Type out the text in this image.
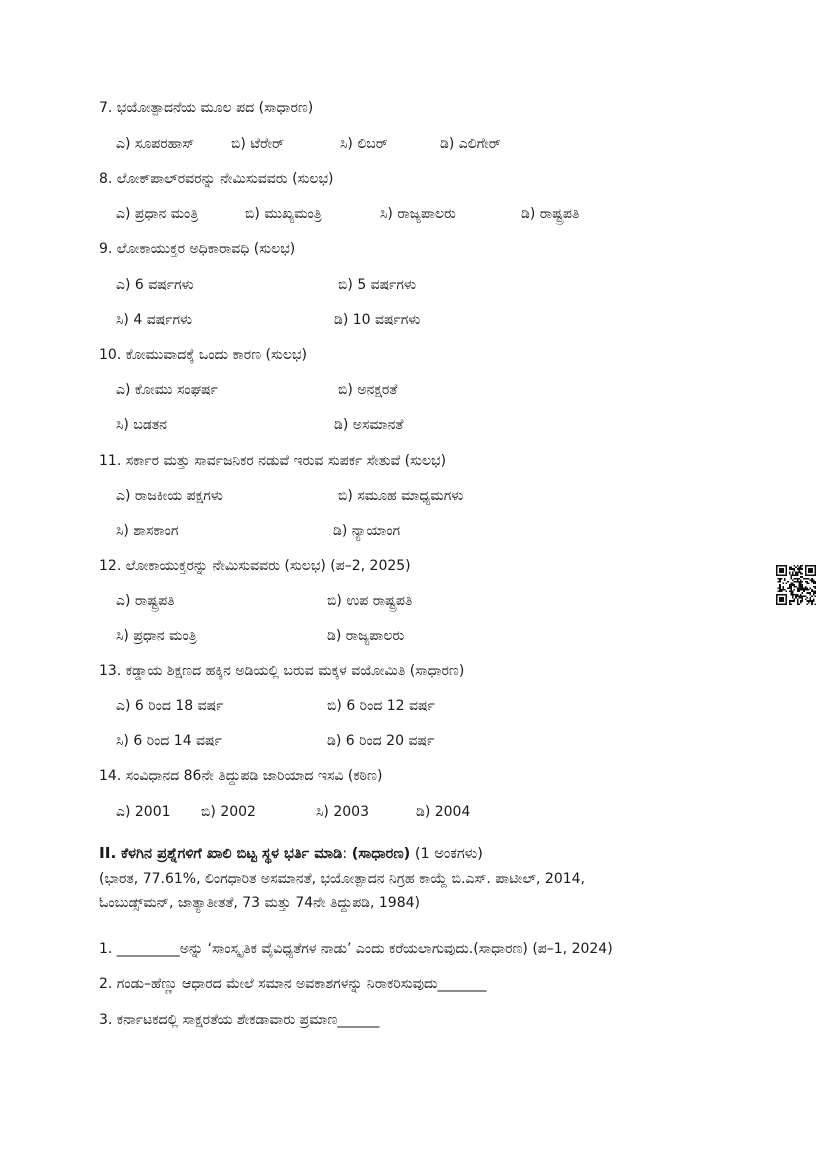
7. ಭಯೋತ್ಪಾದನೆಯ ಮೂಲ ಪದ (ಸಾಧಾರಣ)
ಎ) ಸೂಪರಹಾಸ್	ಬಿ) ಟೆರೇರ್	ಸಿ) ಲಿಬರ್	ಡಿ) ಎಲಿಗೇರ್
8. ಲೋಕ್‌ಪಾಲ್‌ರವರನ್ನು ನೇಮಿಸುವವರು (ಸುಲಭ)
ಎ) ಪ್ರಧಾನ ಮಂತ್ರಿ	ಬಿ) ಮುಖ್ಯಮಂತ್ರಿ	ಸಿ) ರಾಜ್ಯಪಾಲರು	ಡಿ) ರಾಷ್ಟ್ರಪತಿ
9. ಲೋಕಾಯುಕ್ತರ ಅಧಿಕಾರಾವಧಿ (ಸುಲಭ)
ಎ) 6 ವರ್ಷಗಳು	ಬಿ) 5 ವರ್ಷಗಳು
ಸಿ) 4 ವರ್ಷಗಳು	ಡಿ) 10 ವರ್ಷಗಳು
10. ಕೋಮುವಾದಕ್ಕೆ ಒಂದು ಕಾರಣ (ಸುಲಭ)
ಎ) ಕೋಮು ಸಂಘರ್ಷ	ಬಿ) ಅನಕ್ಷರತೆ
ಸಿ) ಬಡತನ	ಡಿ) ಅಸಮಾನತೆ
11. ಸರ್ಕಾರ ಮತ್ತು ಸಾರ್ವಜನಿಕರ ನಡುವೆ ಇರುವ ಸುಪರ್ಕ ಸೇತುವೆ (ಸುಲಭ)
ಎ) ರಾಜಕೀಯ ಪಕ್ಷಗಳು	ಬಿ) ಸಮೂಹ ಮಾಧ್ಯಮಗಳು
ಸಿ) ಶಾಸಕಾಂಗ	ಡಿ) ನ್ಯಾಯಾಂಗ
12. ಲೋಕಾಯುಕ್ತರನ್ನು ನೇಮಿಸುವವರು (ಸುಲಭ) (ಪ–2, 2025)
ಎ) ರಾಷ್ಟ್ರಪತಿ	ಬಿ) ಉಪ ರಾಷ್ಟ್ರಪತಿ
ಸಿ) ಪ್ರಧಾನ ಮಂತ್ರಿ	ಡಿ) ರಾಜ್ಯಪಾಲರು
13. ಕಡ್ಡಾಯ ಶಿಕ್ಷಣದ ಹಕ್ಕಿನ ಅಡಿಯಲ್ಲಿ ಬರುವ ಮಕ್ಕಳ ವಯೋಮಿತಿ (ಸಾಧಾರಣ)
ಎ) 6 ರಿಂದ 18 ವರ್ಷ	ಬಿ) 6 ರಿಂದ 12 ವರ್ಷ
ಸಿ) 6 ರಿಂದ 14 ವರ್ಷ	ಡಿ) 6 ರಿಂದ 20 ವರ್ಷ
14. ಸಂವಿಧಾನದ 86ನೇ ತಿದ್ದುಪಡಿ ಜಾರಿಯಾದ ಇಸವಿ (ಕಠಿಣ)
ಎ) 2001 ಬಿ) 2002	ಸಿ) 2003	ಡಿ) 2004
II. ಕೆಳಗಿನ ಪ್ರಶ್ನೆಗಳಿಗೆ ಖಾಲಿ ಬಿಟ್ಟ ಸ್ಥಳ ಭರ್ತಿ ಮಾಡಿ: (ಸಾಧಾರಣ) (1 ಅಂಕಗಳು)
(ಭಾರತ, 77.61%, ಲಿಂಗಧಾರಿತ ಅಸಮಾನತೆ, ಭಯೋತ್ಪಾದನ ನಿಗ್ರಹ ಕಾಯ್ದೆ ಬಿ.ಎಸ್. ಪಾಟೀಲ್, 2014,
ಓಂಬುಡ್ಸ್‌ಮನ್, ಜಾತ್ಯಾತೀತತೆ, 73 ಮತ್ತು 74ನೇ ತಿದ್ದುಪಡಿ, 1984)
1. _________ಅನ್ನು ‘ಸಾಂಸ್ಕೃತಿಕ ವೈವಿಧ್ಯತೆಗಳ ನಾಡು’ ಎಂದು ಕರೆಯಲಾಗುವುದು.(ಸಾಧಾರಣ) (ಪ–1, 2024)
2. ಗಂಡು–ಹೆಣ್ಣು ಆಧಾರದ ಮೇಲೆ ಸಮಾನ ಅವಕಾಶಗಳನ್ನು ನಿರಾಕರಿಸುವುದು_______
3. ಕರ್ನಾಟಕದಲ್ಲಿ ಸಾಕ್ಷರತೆಯ ಶೇಕಡಾವಾರು ಪ್ರಮಾಣ______
